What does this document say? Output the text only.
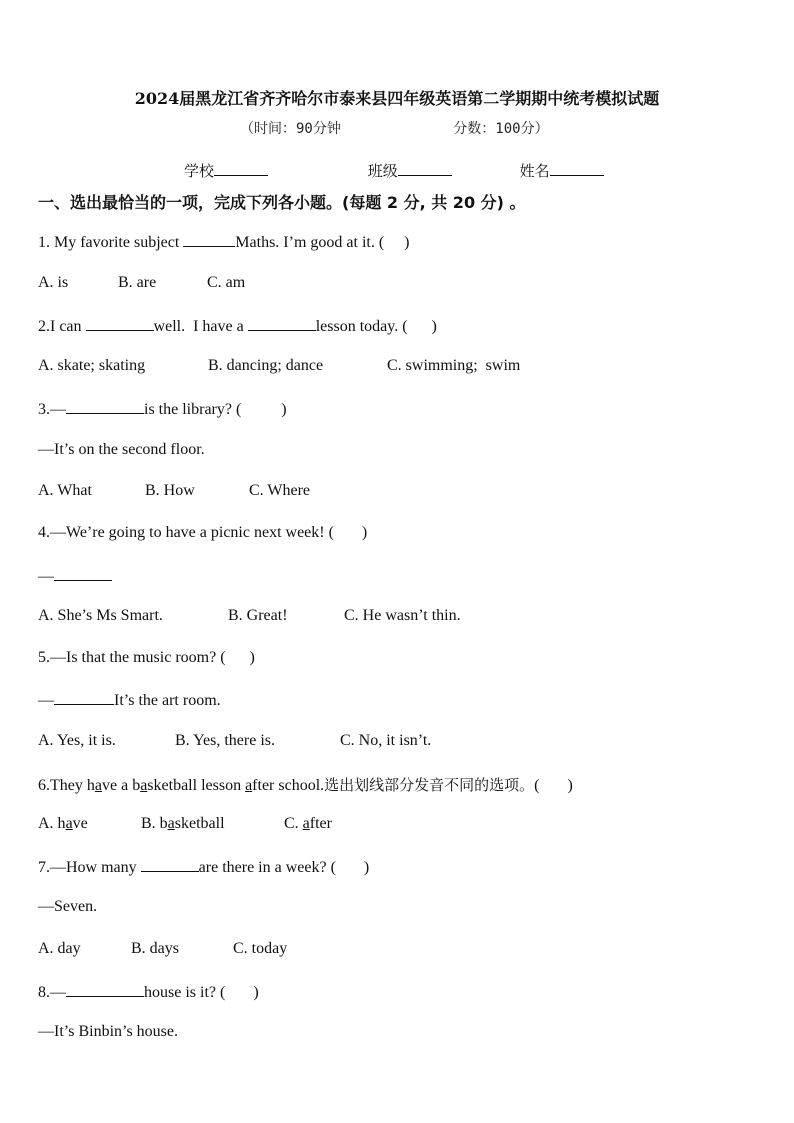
2024届黑龙江省齐齐哈尔市泰来县四年级英语第二学期期中统考模拟试题
（时间：90分钟	分数：100分）
学校	班级	姓名
一、选出最恰当的一项，完成下列各小题。(每题 2 分, 共 20 分) 。
1. My favorite subject	Maths. I’m good at it. (     )
A. is	B. are	C. am
2.I can	well.  I have a	lesson today. (      )
A. skate; skating	B. dancing; dance	C. swimming;  swim
3.—	is the library? (          )
—It’s on the second floor.
A. What	B. How	C. Where
4.—We’re going to have a picnic next week! (       )
—
A. She’s Ms Smart.	B. Great!	C. He wasn’t thin.
5.—Is that the music room? (      )
—	It’s the art room.
A. Yes, it is.	B. Yes, there is.	C. No, it isn’t.
6.They have a basketball lesson after school.选出划线部分发音不同的选项。(       )
A. have	B. basketball	C. after
7.—How many	are there in a week? (       )
—Seven.
A. day	B. days	C. today
8.—	house is it? (       )
—It’s Binbin’s house.
